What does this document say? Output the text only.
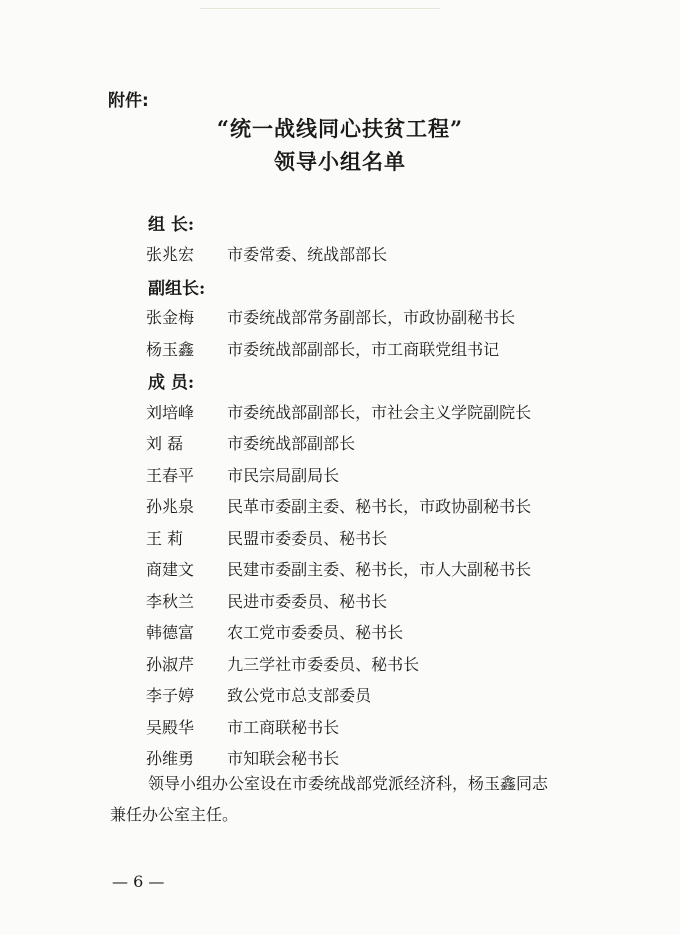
附件:
“统一战线同心扶贫工程”
领导小组名单
组 长:
张兆宏 市委常委、统战部部长
副组长:
张金梅 市委统战部常务副部长，市政协副秘书长
杨玉鑫 市委统战部副部长，市工商联党组书记
成 员:
刘培峰 市委统战部副部长，市社会主义学院副院长
刘 磊	市委统战部副部长
王春平 市民宗局副局长
孙兆泉 民革市委副主委、秘书长，市政协副秘书长
王 莉	民盟市委委员、秘书长
商建文 民建市委副主委、秘书长，市人大副秘书长
李秋兰 民进市委委员、秘书长
韩德富 农工党市委委员、秘书长
孙淑芹 九三学社市委委员、秘书长
李子婷 致公党市总支部委员
吴殿华 市工商联秘书长
孙维勇 市知联会秘书长
领导小组办公室设在市委统战部党派经济科，杨玉鑫同志
兼任办公室主任。
— 6 —
